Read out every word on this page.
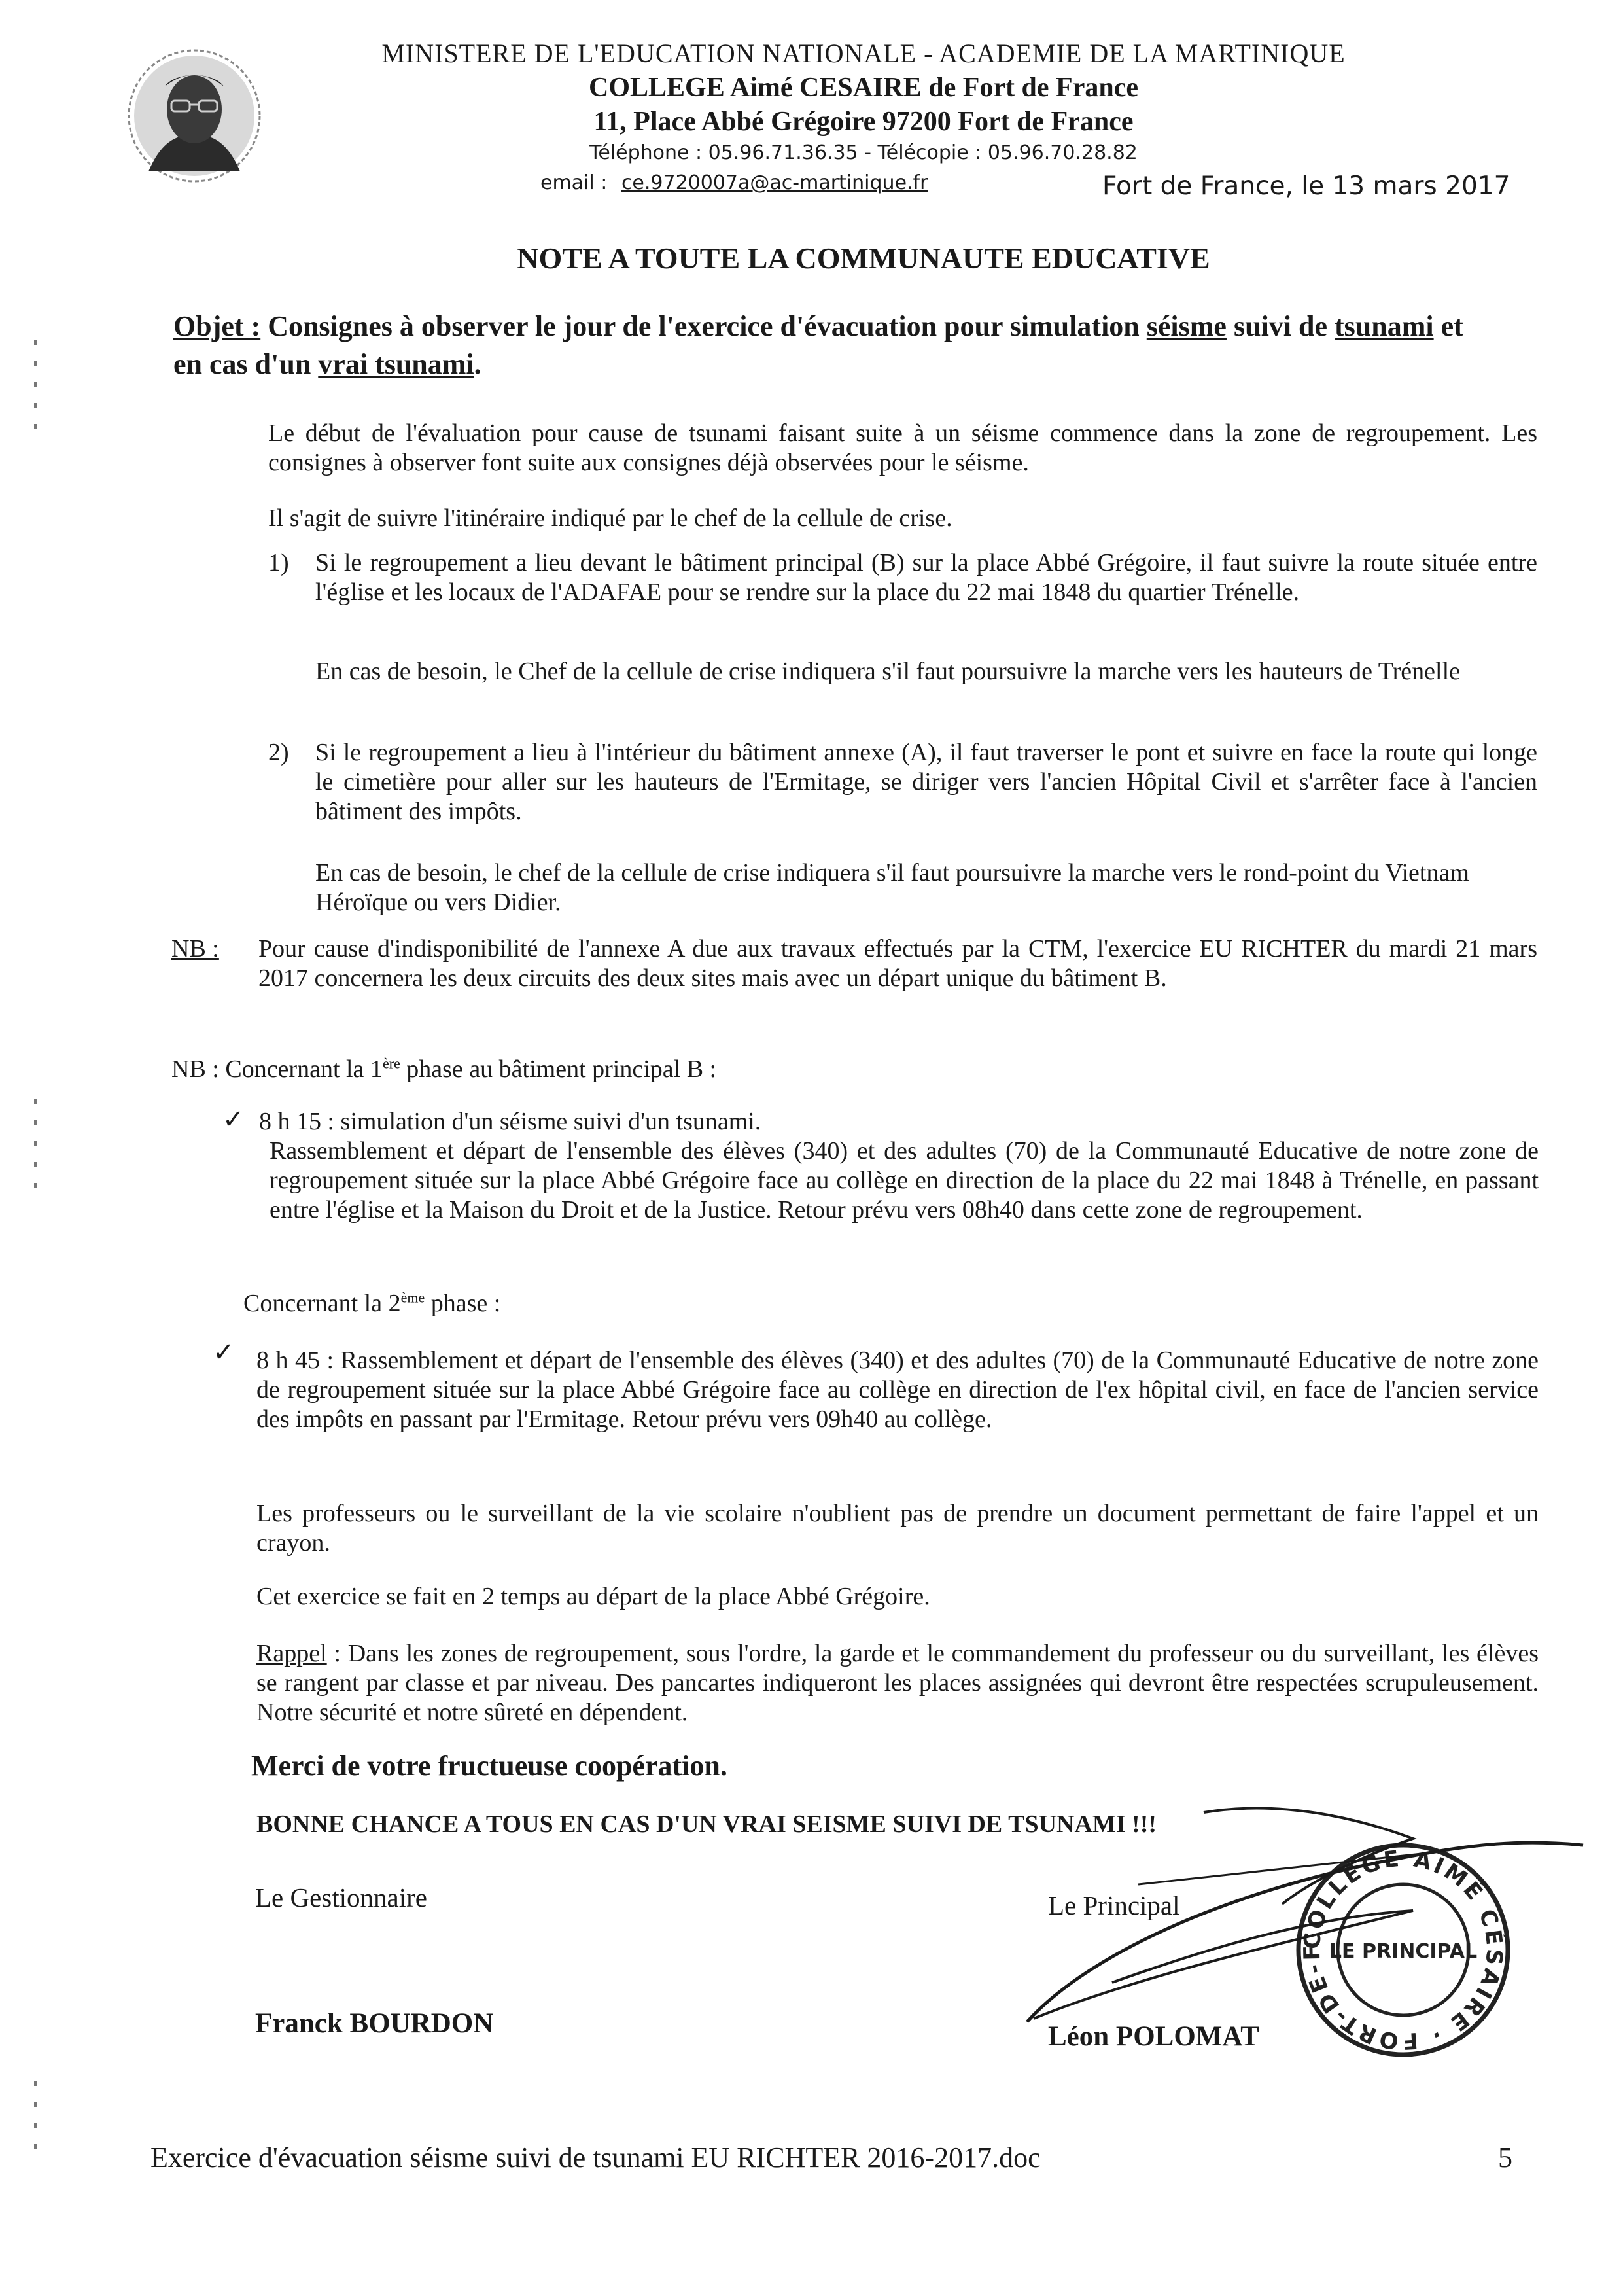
MINISTERE DE L'EDUCATION NATIONALE - ACADEMIE DE LA MARTINIQUE
COLLEGE Aimé CESAIRE de Fort de France
11, Place Abbé Grégoire 97200 Fort de France
Téléphone : 05.96.71.36.35 - Télécopie : 05.96.70.28.82
email : ce.9720007a@ac-martinique.fr	Fort de France, le 13 mars 2017
NOTE A TOUTE LA COMMUNAUTE EDUCATIVE
Objet : Consignes à observer le jour de l'exercice d'évacuation pour simulation séisme suivi de tsunami et en cas d'un vrai tsunami.

Le début de l'évaluation pour cause de tsunami faisant suite à un séisme commence dans la zone de regroupement. Les consignes à observer font suite aux consignes déjà observées pour le séisme.

Il s'agit de suivre l'itinéraire indiqué par le chef de la cellule de crise.

1) Si le regroupement a lieu devant le bâtiment principal (B) sur la place Abbé Grégoire, il faut suivre la route située entre l'église et les locaux de l'ADAFAE pour se rendre sur la place du 22 mai 1848 du quartier Trénelle.

En cas de besoin, le Chef de la cellule de crise indiquera s'il faut poursuivre la marche vers les hauteurs de Trénelle

2) Si le regroupement a lieu à l'intérieur du bâtiment annexe (A), il faut traverser le pont et suivre en face la route qui longe le cimetière pour aller sur les hauteurs de l'Ermitage, se diriger vers l'ancien Hôpital Civil et s'arrêter face à l'ancien bâtiment des impôts.

En cas de besoin, le chef de la cellule de crise indiquera s'il faut poursuivre la marche vers le rond-point du Vietnam Héroïque ou vers Didier.

NB : Pour cause d'indisponibilité de l'annexe A due aux travaux effectués par la CTM, l'exercice EU RICHTER du mardi 21 mars 2017 concernera les deux circuits des deux sites mais avec un départ unique du bâtiment B.

NB : Concernant la 1ère phase au bâtiment principal B :
✓ 8 h 15 : simulation d'un séisme suivi d'un tsunami.

Rassemblement et départ de l'ensemble des élèves (340) et des adultes (70) de la Communauté Educative de notre zone de regroupement située sur la place Abbé Grégoire face au collège en direction de la place du 22 mai 1848 à Trénelle, en passant entre l'église et la Maison du Droit et de la Justice. Retour prévu vers 08h40 dans cette zone de regroupement.

Concernant la 2ème phase :
✓ 8 h 45 : Rassemblement et départ de l'ensemble des élèves (340) et des adultes (70) de la Communauté Educative de notre zone de regroupement située sur la place Abbé Grégoire face au collège en direction de l'ex hôpital civil, en face de l'ancien service des impôts en passant par l'Ermitage. Retour prévu vers 09h40 au collège.

Les professeurs ou le surveillant de la vie scolaire n'oublient pas de prendre un document permettant de faire l'appel et un crayon.

Cet exercice se fait en 2 temps au départ de la place Abbé Grégoire.

Rappel : Dans les zones de regroupement, sous l'ordre, la garde et le commandement du professeur ou du surveillant, les élèves se rangent par classe et par niveau. Des pancartes indiqueront les places assignées qui devront être respectées scrupuleusement. Notre sécurité et notre sûreté en dépendent.

Merci de votre fructueuse coopération.
BONNE CHANCE A TOUS EN CAS D'UN VRAI SEISME SUIVI DE TSUNAMI !!!
Le Gestionnaire
Franck BOURDON
Le Principal
Léon POLOMAT
COLLÈGE AIMÉ CÉSAIRE · FORT-DE-F LE PRINCIPAL
Exercice d'évacuation séisme suivi de tsunami EU RICHTER 2016-2017.doc	5
